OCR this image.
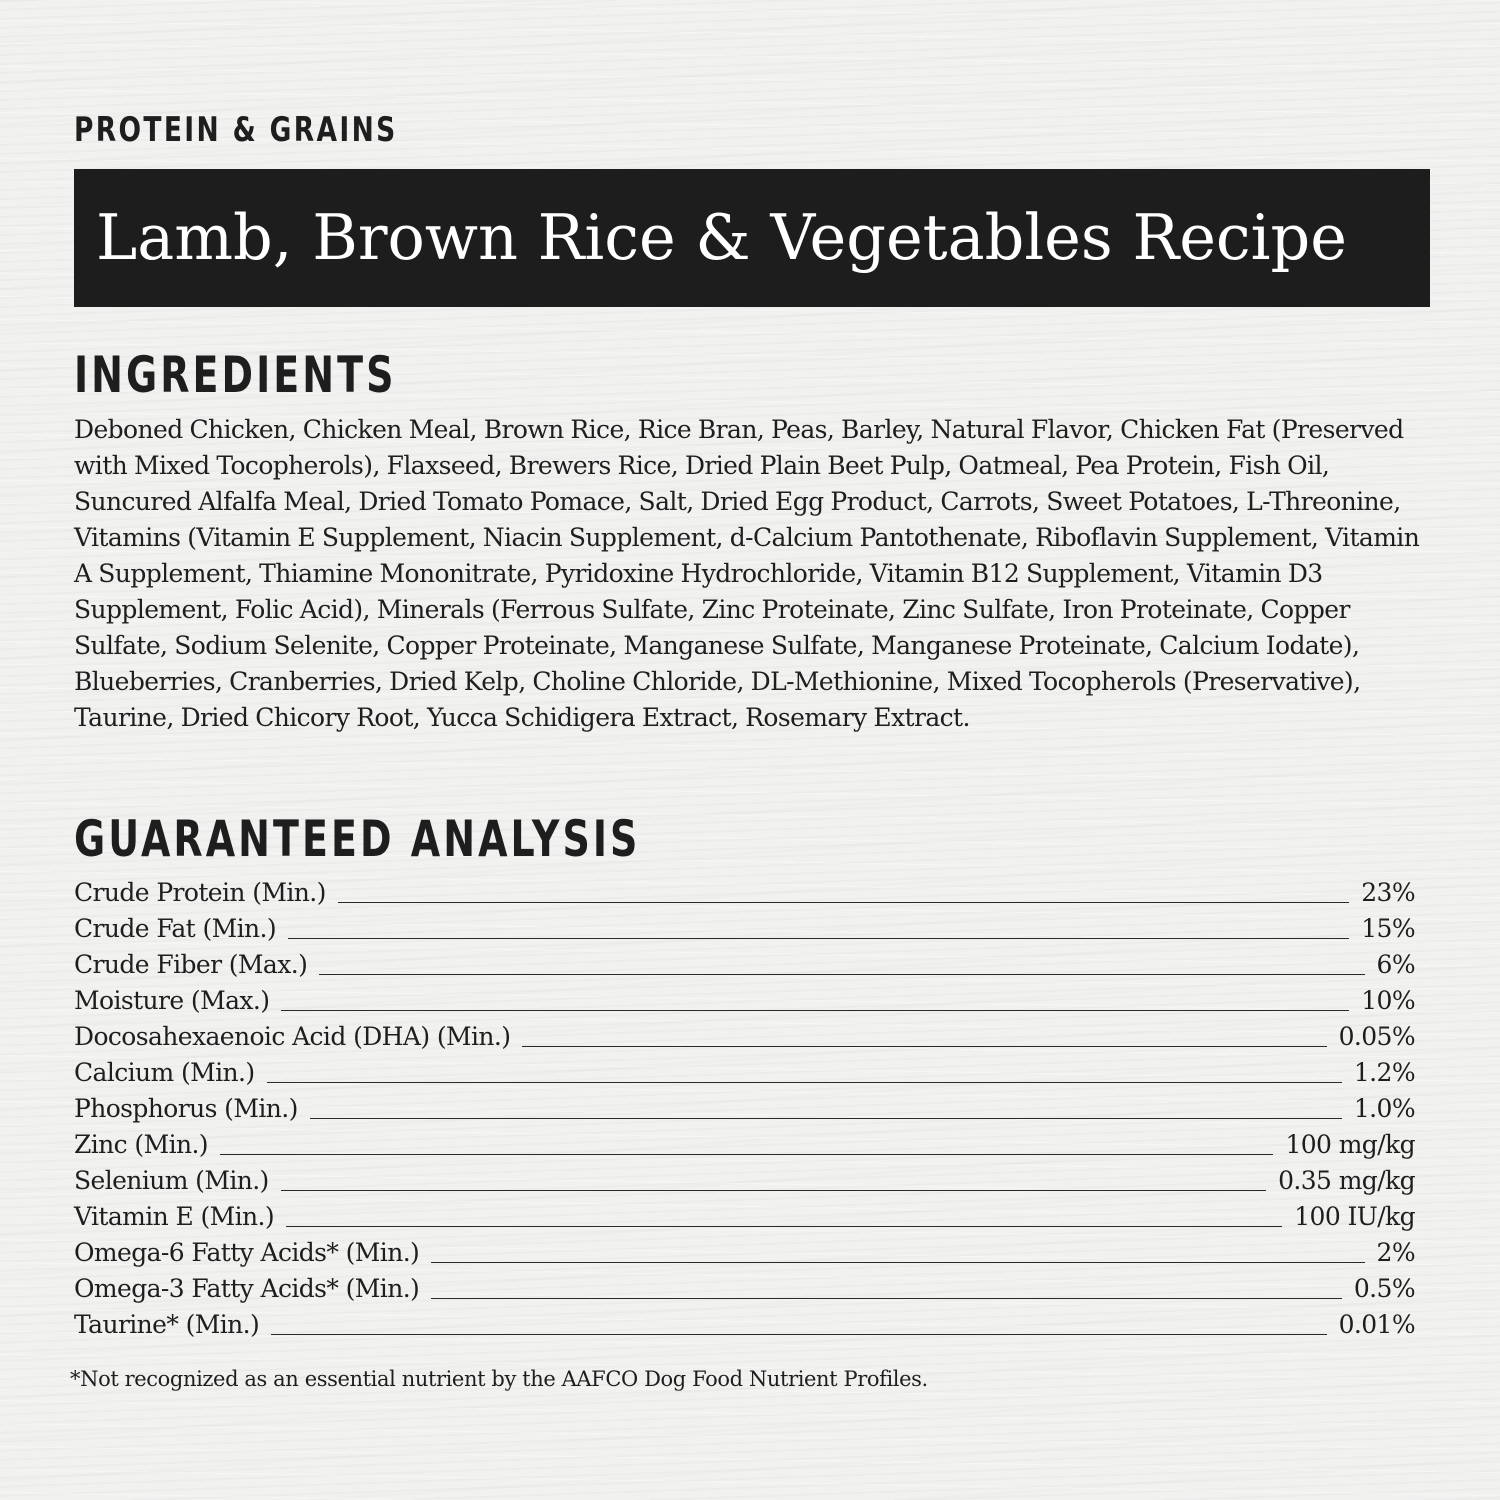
PROTEIN & GRAINS
Lamb, Brown Rice & Vegetables Recipe
INGREDIENTS
Deboned Chicken, Chicken Meal, Brown Rice, Rice Bran, Peas, Barley, Natural Flavor, Chicken Fat (Preserved with Mixed Tocopherols), Flaxseed, Brewers Rice, Dried Plain Beet Pulp, Oatmeal, Pea Protein, Fish Oil, Suncured Alfalfa Meal, Dried Tomato Pomace, Salt, Dried Egg Product, Carrots, Sweet Potatoes, L-Threonine, Vitamins (Vitamin E Supplement, Niacin Supplement, d-Calcium Pantothenate, Riboflavin Supplement, Vitamin A Supplement, Thiamine Mononitrate, Pyridoxine Hydrochloride, Vitamin B12 Supplement, Vitamin D3 Supplement, Folic Acid), Minerals (Ferrous Sulfate, Zinc Proteinate, Zinc Sulfate, Iron Proteinate, Copper Sulfate, Sodium Selenite, Copper Proteinate, Manganese Sulfate, Manganese Proteinate, Calcium Iodate), Blueberries, Cranberries, Dried Kelp, Choline Chloride, DL-Methionine, Mixed Tocopherols (Preservative), Taurine, Dried Chicory Root, Yucca Schidigera Extract, Rosemary Extract.
GUARANTEED ANALYSIS
Crude Protein (Min.)	23%
Crude Fat (Min.)	15%
Crude Fiber (Max.)	6%
Moisture (Max.)	10%
Docosahexaenoic Acid (DHA) (Min.)	0.05%
Calcium (Min.)	1.2%
Phosphorus (Min.)	1.0%
Zinc (Min.)	100 mg/kg
Selenium (Min.)	0.35 mg/kg
Vitamin E (Min.)	100 IU/kg
Omega-6 Fatty Acids* (Min.)	2%
Omega-3 Fatty Acids* (Min.)	0.5%
Taurine* (Min.)	0.01%
*Not recognized as an essential nutrient by the AAFCO Dog Food Nutrient Profiles.
